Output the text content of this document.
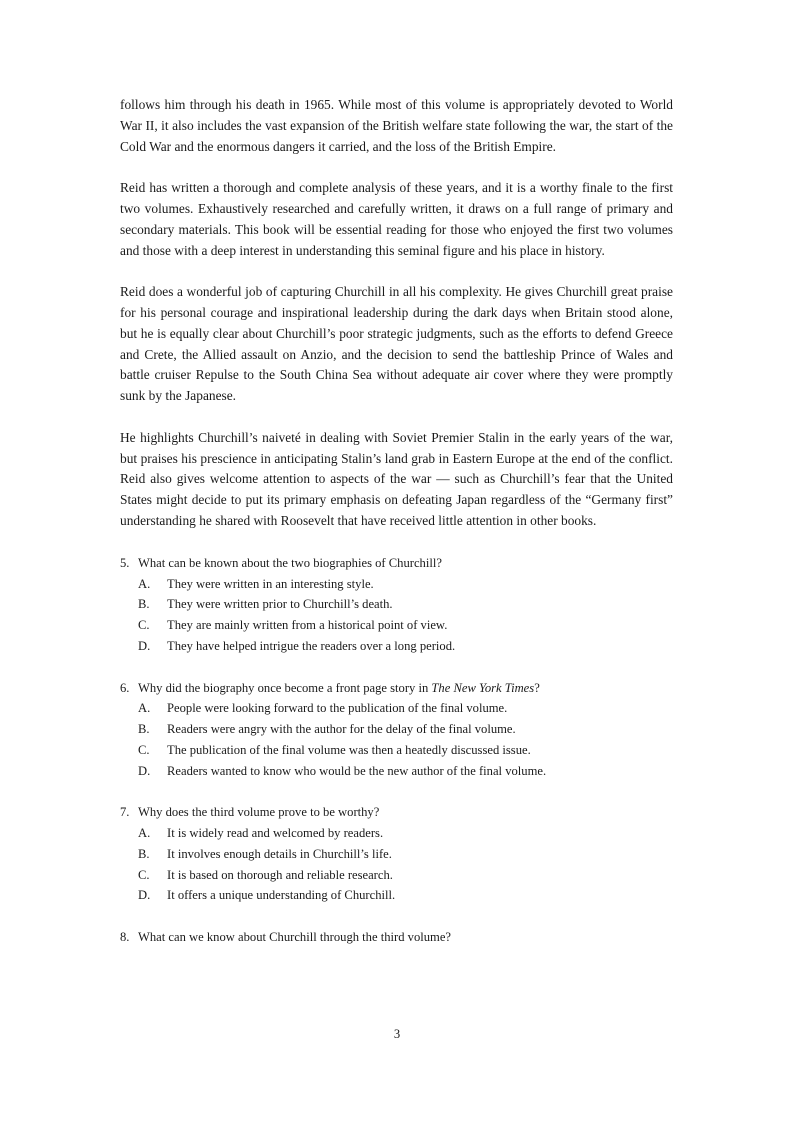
follows him through his death in 1965. While most of this volume is appropriately devoted to World War II, it also includes the vast expansion of the British welfare state following the war, the start of the Cold War and the enormous dangers it carried, and the loss of the British Empire.

Reid has written a thorough and complete analysis of these years, and it is a worthy finale to the first two volumes. Exhaustively researched and carefully written, it draws on a full range of primary and secondary materials. This book will be essential reading for those who enjoyed the first two volumes and those with a deep interest in understanding this seminal figure and his place in history.

Reid does a wonderful job of capturing Churchill in all his complexity. He gives Churchill great praise for his personal courage and inspirational leadership during the dark days when Britain stood alone, but he is equally clear about Churchill’s poor strategic judgments, such as the efforts to defend Greece and Crete, the Allied assault on Anzio, and the decision to send the battleship Prince of Wales and battle cruiser Repulse to the South China Sea without adequate air cover where they were promptly sunk by the Japanese.

He highlights Churchill’s naiveté in dealing with Soviet Premier Stalin in the early years of the war, but praises his prescience in anticipating Stalin’s land grab in Eastern Europe at the end of the conflict. Reid also gives welcome attention to aspects of the war — such as Churchill’s fear that the United States might decide to put its primary emphasis on defeating Japan regardless of the “Germany first” understanding he shared with Roosevelt that have received little attention in other books.

5. What can be known about the two biographies of Churchill?
A.	They were written in an interesting style.
B.	They were written prior to Churchill’s death.
C.	They are mainly written from a historical point of view.
D.	They have helped intrigue the readers over a long period.
6. Why did the biography once become a front page story in The New York Times?
A.	People were looking forward to the publication of the final volume.
B.	Readers were angry with the author for the delay of the final volume.
C.	The publication of the final volume was then a heatedly discussed issue.
D.	Readers wanted to know who would be the new author of the final volume.
7. Why does the third volume prove to be worthy?
A.	It is widely read and welcomed by readers.
B.	It involves enough details in Churchill’s life.
C.	It is based on thorough and reliable research.
D.	It offers a unique understanding of Churchill.
8. What can we know about Churchill through the third volume?
3
